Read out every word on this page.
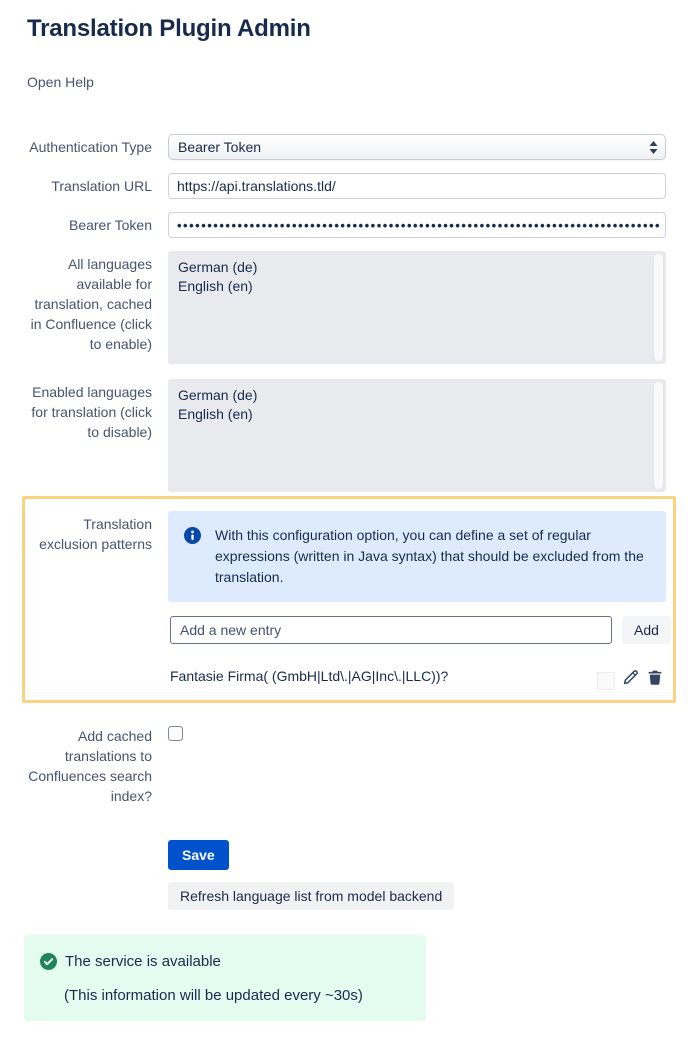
Translation Plugin Admin
Open Help
Authentication Type Bearer Token
Translation URL
https://api.translations.tld/
Bearer Token
••••••••••••••••••••••••••••••••••••••••••••••••••••••••••••••••••••••••••••••••
All languages available for translation, cached in Confluence (click to enable)
German (de)
English (en)
Enabled languages for translation (click to disable)
German (de)
English (en)
Translation exclusion patterns
With this configuration option, you can define a set of regular expressions (written in Java syntax) that should be excluded from the translation.
Add a new entry
Add
Fantasie Firma( (GmbH|Ltd\.|AG|Inc\.|LLC))?
Add cached translations to Confluences search index?
Save
Refresh language list from model backend
The service is available
(This information will be updated every ~30s)
